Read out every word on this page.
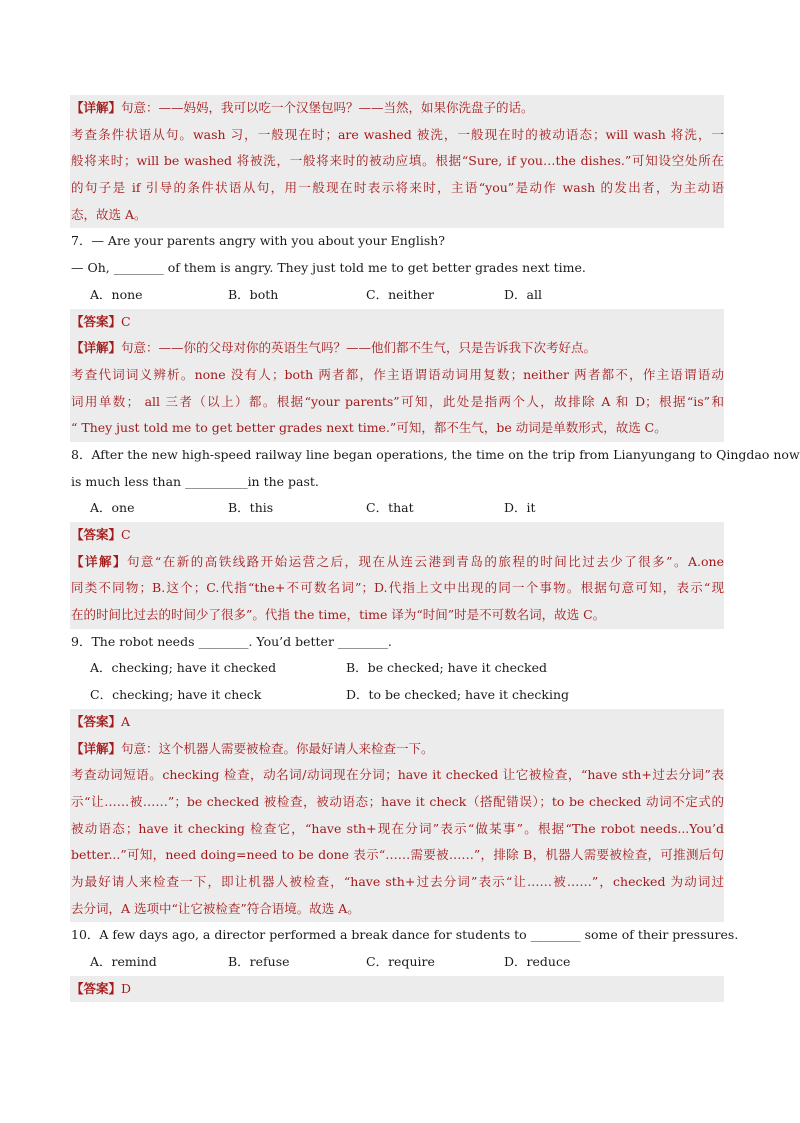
【详解】句意：——妈妈，我可以吃一个汉堡包吗？——当然，如果你洗盘子的话。
考查条件状语从句。wash 习，一般现在时；are washed 被洗，一般现在时的被动语态；will wash 将洗，一
般将来时；will be washed 将被洗，一般将来时的被动应填。根据“Sure, if you…the dishes.”可知设空处所在
的句子是 if 引导的条件状语从句，用一般现在时表示将来时，主语“you”是动作 wash 的发出者，为主动语
态，故选 A。
7．— Are your parents angry with you about your English?
— Oh, ________ of them is angry. They just told me to get better grades next time.
A．none	B．both	C．neither	D．all
【答案】C
【详解】句意：——你的父母对你的英语生气吗？——他们都不生气，只是告诉我下次考好点。
考查代词词义辨析。none 没有人；both 两者都，作主语谓语动词用复数；neither 两者都不，作主语谓语动
词用单数； all 三者（以上）都。根据“your parents”可知，此处是指两个人，故排除 A 和 D；根据“is”和
“ They just told me to get better grades next time.”可知，都不生气，be 动词是单数形式，故选 C。
8．After the new high-speed railway line began operations, the time on the trip from Lianyungang to Qingdao now
is much less than __________in the past.
A．one	B．this	C．that	D．it
【答案】C
【详解】句意“在新的高铁线路开始运营之后，现在从连云港到青岛的旅程的时间比过去少了很多”。A.one
同类不同物；B.这个；C.代指“the+不可数名词”；D.代指上文中出现的同一个事物。根据句意可知，表示“现
在的时间比过去的时间少了很多”。代指 the time，time 译为“时间”时是不可数名词，故选 C。
9．The robot needs ________. You’d better ________.
A．checking; have it checked	B．be checked; have it checked
C．checking; have it check	D．to be checked; have it checking
【答案】A
【详解】句意：这个机器人需要被检查。你最好请人来检查一下。
考查动词短语。checking 检查，动名词/动词现在分词；have it checked 让它被检查，“have sth+过去分词”表
示“让……被……”；be checked 被检查，被动语态；have it check（搭配错误）；to be checked 动词不定式的
被动语态；have it checking 检查它，“have sth+现在分词”表示“做某事”。根据“The robot needs...You’d
better...”可知，need doing=need to be done 表示“……需要被……”，排除 B，机器人需要被检查，可推测后句
为最好请人来检查一下，即让机器人被检查，“have sth+过去分词”表示“让……被……”，checked 为动词过
去分词，A 选项中“让它被检查”符合语境。故选 A。
10．A few days ago, a director performed a break dance for students to ________ some of their pressures.
A．remind	B．refuse	C．require	D．reduce
【答案】D
